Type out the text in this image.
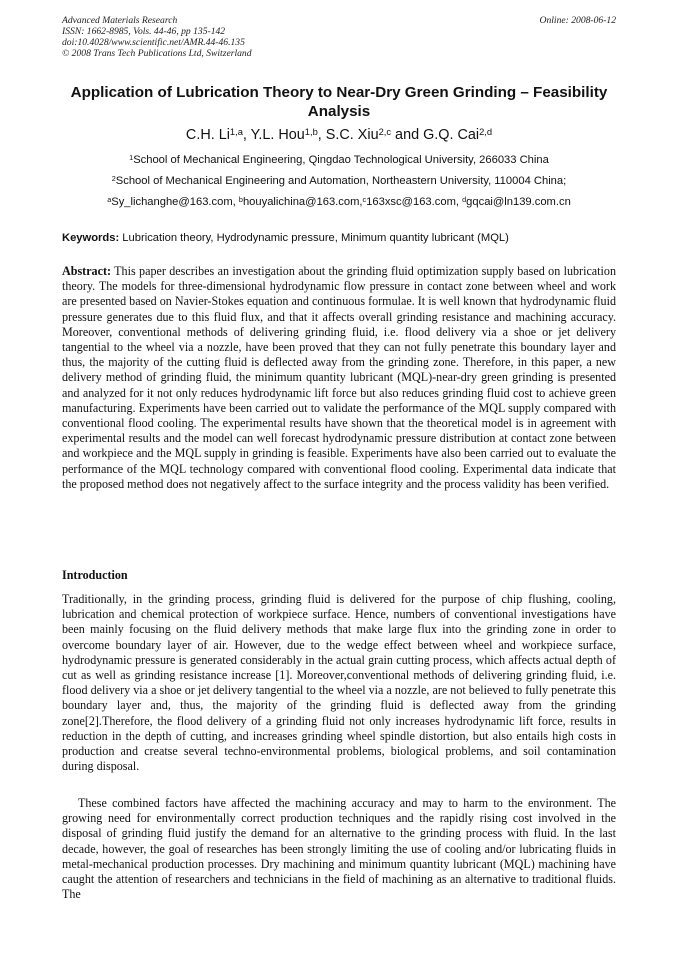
Advanced Materials Research
ISSN: 1662-8985, Vols. 44-46, pp 135-142
doi:10.4028/www.scientific.net/AMR.44-46.135
© 2008 Trans Tech Publications Ltd, Switzerland
Online: 2008-06-12
Application of Lubrication Theory to Near-Dry Green Grinding – Feasibility Analysis
C.H. Li$^{1,a}$, Y.L. Hou$^{1,b}$, S.C. Xiu$^{2,c}$ and G.Q. Cai$^{2,d}$
$^1$School of Mechanical Engineering, Qingdao Technological University, 266033 China
$^2$School of Mechanical Engineering and Automation, Northeastern University, 110004 China;
$^a$Sy_lichanghe@163.com, $^b$houyalichina@163.com,$^c$163xsc@163.com, $^d$gqcai@ln139.com.cn
Keywords: Lubrication theory, Hydrodynamic pressure, Minimum quantity lubricant (MQL)

Abstract: This paper describes an investigation about the grinding fluid optimization supply based on lubrication theory. The models for three-dimensional hydrodynamic flow pressure in contact zone between wheel and work are presented based on Navier-Stokes equation and continuous formulae. It is well known that hydrodynamic fluid pressure generates due to this fluid flux, and that it affects overall grinding resistance and machining accuracy. Moreover, conventional methods of delivering grinding fluid, i.e. flood delivery via a shoe or jet delivery tangential to the wheel via a nozzle, have been proved that they can not fully penetrate this boundary layer and thus, the majority of the cutting fluid is deflected away from the grinding zone. Therefore, in this paper, a new delivery method of grinding fluid, the minimum quantity lubricant (MQL)-near-dry green grinding is presented and analyzed for it not only reduces hydrodynamic lift force but also reduces grinding fluid cost to achieve green manufacturing. Experiments have been carried out to validate the performance of the MQL supply compared with conventional flood cooling. The experimental results have shown that the theoretical model is in agreement with experimental results and the model can well forecast hydrodynamic pressure distribution at contact zone between and workpiece and the MQL supply in grinding is feasible. Experiments have also been carried out to evaluate the performance of the MQL technology compared with conventional flood cooling. Experimental data indicate that the proposed method does not negatively affect to the surface integrity and the process validity has been verified.

Introduction

Traditionally, in the grinding process, grinding fluid is delivered for the purpose of chip flushing, cooling, lubrication and chemical protection of workpiece surface. Hence, numbers of conventional investigations have been mainly focusing on the fluid delivery methods that make large flux into the grinding zone in order to overcome boundary layer of air. However, due to the wedge effect between wheel and workpiece surface, hydrodynamic pressure is generated considerably in the actual grain cutting process, which affects actual depth of cut as well as grinding resistance increase [1]. Moreover,conventional methods of delivering grinding fluid, i.e. flood delivery via a shoe or jet delivery tangential to the wheel via a nozzle, are not believed to fully penetrate this boundary layer and, thus, the majority of the grinding fluid is deflected away from the grinding zone[2].Therefore, the flood delivery of a grinding fluid not only increases hydrodynamic lift force, results in reduction in the depth of cutting, and increases grinding wheel spindle distortion, but also entails high costs in production and creatse several techno-environmental problems, biological problems, and soil contamination during disposal.

These combined factors have affected the machining accuracy and may to harm to the environment. The growing need for environmentally correct production techniques and the rapidly rising cost involved in the disposal of grinding fluid justify the demand for an alternative to the grinding process with fluid. In the last decade, however, the goal of researches has been strongly limiting the use of cooling and/or lubricating fluids in metal-mechanical production processes. Dry machining and minimum quantity lubricant (MQL) machining have caught the attention of researchers and technicians in the field of machining as an alternative to traditional fluids. The
